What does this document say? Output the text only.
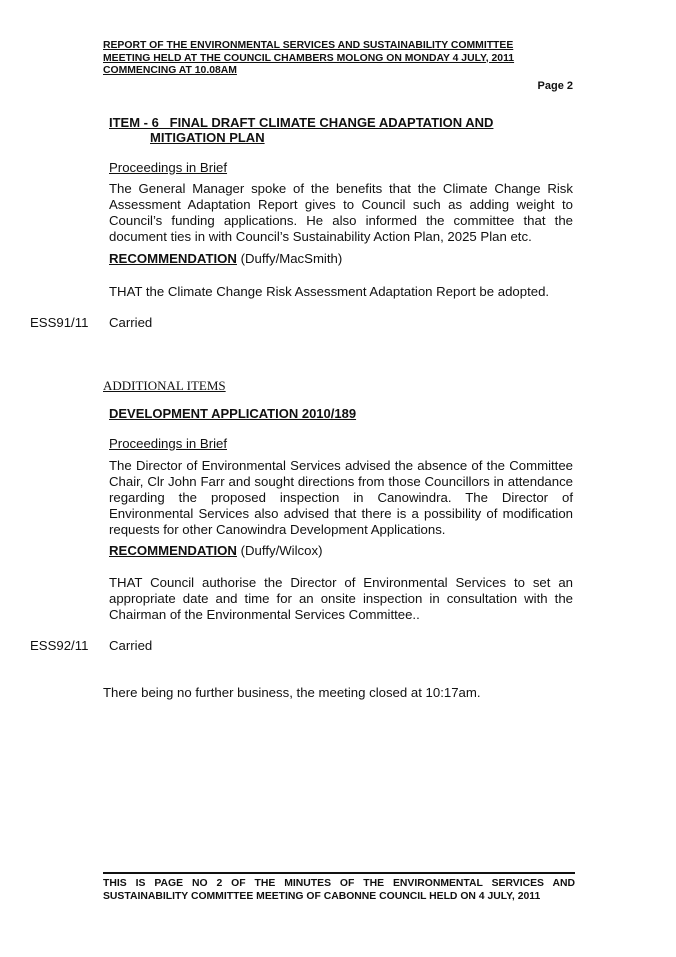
REPORT OF THE ENVIRONMENTAL SERVICES AND SUSTAINABILITY COMMITTEE
MEETING HELD AT THE COUNCIL CHAMBERS MOLONG ON MONDAY 4 JULY, 2011
COMMENCING AT 10.08AM
Page 2
ITEM - 6   FINAL DRAFT CLIMATE CHANGE ADAPTATION AND
MITIGATION PLAN
Proceedings in Brief
The General Manager spoke of the benefits that the Climate Change Risk Assessment Adaptation Report gives to Council such as adding weight to Council’s funding applications. He also informed the committee that the document ties in with Council’s Sustainability Action Plan, 2025 Plan etc.
RECOMMENDATION (Duffy/MacSmith)
THAT the Climate Change Risk Assessment Adaptation Report be adopted.
ESS91/11 Carried
ADDITIONAL ITEMS
DEVELOPMENT APPLICATION 2010/189
Proceedings in Brief
The Director of Environmental Services advised the absence of the Committee Chair, Clr John Farr and sought directions from those Councillors in attendance regarding the proposed inspection in Canowindra. The Director of Environmental Services also advised that there is a possibility of modification requests for other Canowindra Development Applications.
RECOMMENDATION (Duffy/Wilcox)
THAT Council authorise the Director of Environmental Services to set an appropriate date and time for an onsite inspection in consultation with the Chairman of the Environmental Services Committee..
ESS92/11 Carried
There being no further business, the meeting closed at 10:17am.
THIS IS PAGE NO 2 OF THE MINUTES OF THE ENVIRONMENTAL SERVICES AND SUSTAINABILITY COMMITTEE MEETING OF CABONNE COUNCIL HELD ON 4 JULY, 2011
